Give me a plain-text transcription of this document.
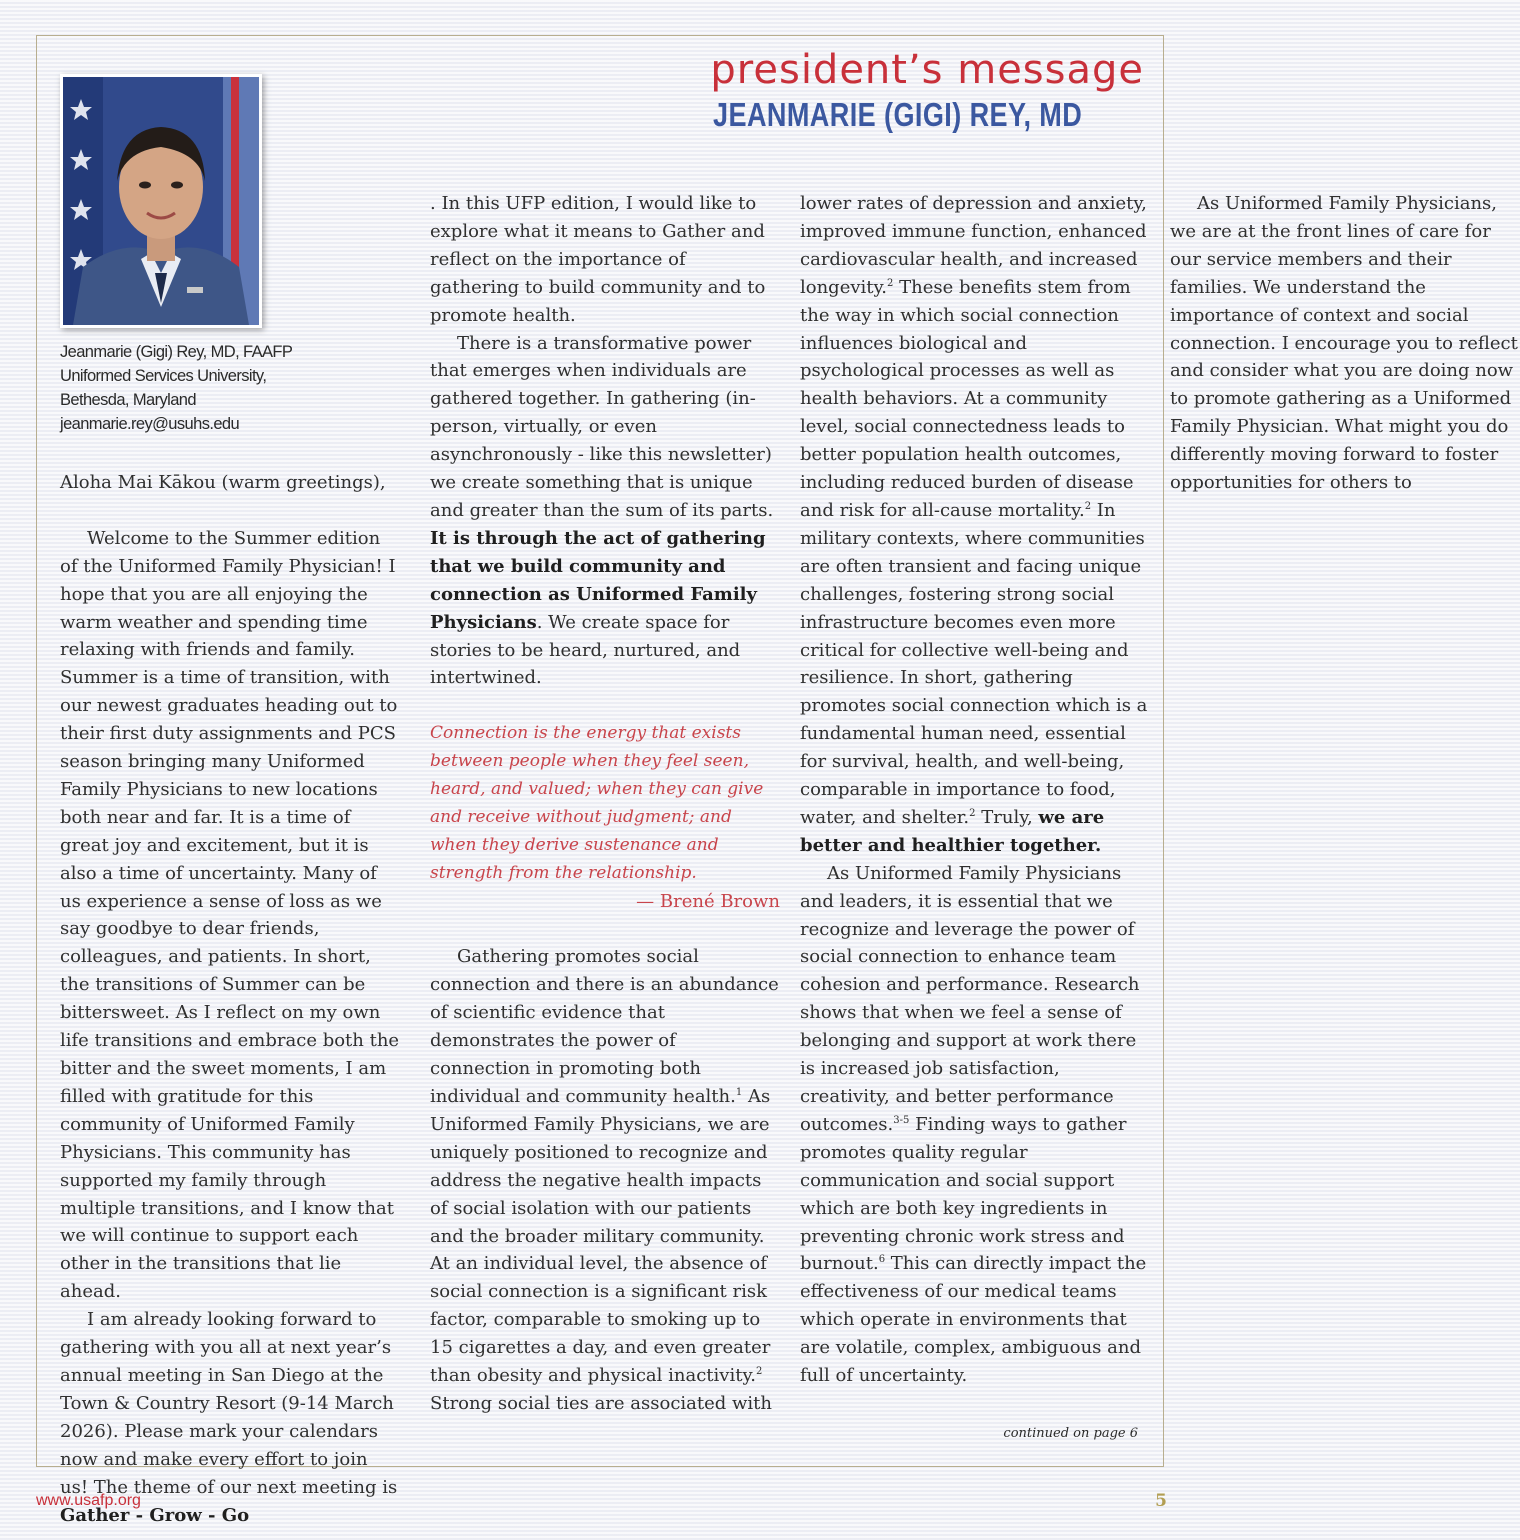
president’s message
JEANMARIE (GIGI) REY, MD
Jeanmarie (Gigi) Rey, MD, FAAFP
Uniformed Services University,
Bethesda, Maryland
jeanmarie.rey@usuhs.edu

Aloha Mai Kākou (warm greetings),

Welcome to the Summer edition of the Uniformed Family Physician! I hope that you are all enjoying the warm weather and spending time relaxing with friends and family. Summer is a time of transition, with our newest graduates heading out to their first duty assignments and PCS season bringing many Uniformed Family Physicians to new locations both near and far. It is a time of great joy and excitement, but it is also a time of uncertainty. Many of us experience a sense of loss as we say goodbye to dear friends, colleagues, and patients. In short, the transitions of Summer can be bittersweet. As I reflect on my own life transitions and embrace both the bitter and the sweet moments, I am filled with gratitude for this community of Uniformed Family Physicians. This community has supported my family through multiple transitions, and I know that we will continue to support each other in the transitions that lie ahead.

I am already looking forward to gathering with you all at next year’s annual meeting in San Diego at the Town & Country Resort (9-14 March 2026). Please mark your calendars now and make every effort to join us! The theme of our next meeting is Gather - Grow - Go

continued on page 6
www.usafp.org	5

. In this UFP edition, I would like to explore what it means to Gather and reflect on the importance of gathering to build community and to promote health.

There is a transformative power that emerges when individuals are gathered together. In gathering (in-person, virtually, or even asynchronously - like this newsletter) we create something that is unique and greater than the sum of its parts. It is through the act of gathering that we build community and connection as Uniformed Family Physicians. We create space for stories to be heard, nurtured, and intertwined.

Connection is the energy that exists between people when they feel seen, heard, and valued; when they can give and receive without judgment; and when they derive sustenance and strength from the relationship.

— Brené Brown

Gathering promotes social connection and there is an abundance of scientific evidence that demonstrates the power of connection in promoting both individual and community health.$^1$ As Uniformed Family Physicians, we are uniquely positioned to recognize and address the negative health impacts of social isolation with our patients and the broader military community. At an individual level, the absence of social connection is a significant risk factor, comparable to smoking up to 15 cigarettes a day, and even greater than obesity and physical inactivity.$^2$ Strong social ties are associated with lower rates of depression and anxiety, improved immune function, enhanced cardiovascular health, and increased longevity.$^2$ These benefits stem from the way in which social connection influences biological and psychological processes as well as health behaviors. At a community level, social connectedness leads to better population health outcomes, including reduced burden of disease and risk for all-cause mortality.$^2$ In military contexts, where communities are often transient and facing unique challenges, fostering strong social infrastructure becomes even more critical for collective well-being and resilience. In short, gathering promotes social connection which is a fundamental human need, essential for survival, health, and well-being, comparable in importance to food, water, and shelter.$^2$ Truly, we are better and healthier together.

As Uniformed Family Physicians and leaders, it is essential that we recognize and leverage the power of social connection to enhance team cohesion and performance. Research shows that when we feel a sense of belonging and support at work there is increased job satisfaction, creativity, and better performance outcomes.$^{3-5}$ Finding ways to gather promotes quality regular communication and social support which are both key ingredients in preventing chronic work stress and burnout.$^6$ This can directly impact the effectiveness of our medical teams which operate in environments that are volatile, complex, ambiguous and full of uncertainty.

As Uniformed Family Physicians, we are at the front lines of care for our service members and their families. We understand the importance of context and social connection. I encourage you to reflect and consider what you are doing now to promote gathering as a Uniformed Family Physician. What might you do differently moving forward to foster opportunities for others to
